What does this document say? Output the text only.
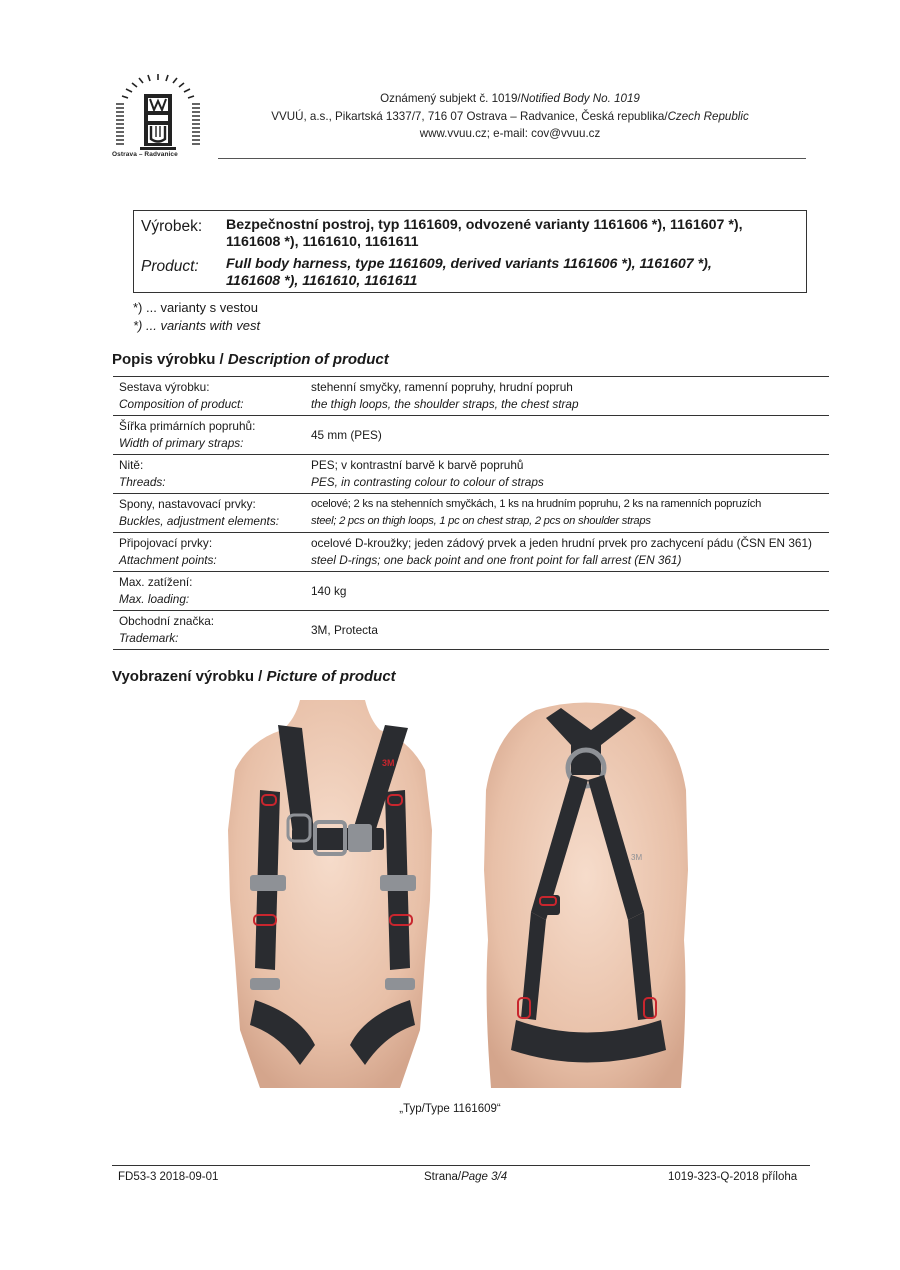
Ostrava – Radvanice
Oznámený subjekt č. 1019/Notified Body No. 1019
VVUÚ, a.s., Pikartská 1337/7, 716 07 Ostrava – Radvanice, Česká republika/Czech Republic
www.vvuu.cz; e-mail: cov@vvuu.cz
Výrobek: Bezpečnostní postroj, typ 1161609, odvozené varianty 1161606 *), 1161607 *),
1161608 *), 1161610, 1161611
Product: Full body harness, type 1161609, derived variants 1161606 *), 1161607 *),
1161608 *), 1161610, 1161611
*) ... varianty s vestou
*) ... variants with vest
Popis výrobku / Description of product
Sestava výrobku:
Composition of product:	stehenní smyčky, ramenní popruhy, hrudní popruh
the thigh loops, the shoulder straps, the chest strap

Šířka primárních popruhů:
Width of primary straps:	45 mm (PES)

Nitě:
Threads:	PES; v kontrastní barvě k barvě popruhů
PES, in contrasting colour to colour of straps

Spony, nastavovací prvky:
Buckles, adjustment elements:	ocelové; 2 ks na stehenních smyčkách, 1 ks na hrudním popruhu, 2 ks na ramenních popruzích
steel; 2 pcs on thigh loops, 1 pc on chest strap, 2 pcs on shoulder straps

Připojovací prvky:
Attachment points:	ocelové D-kroužky; jeden zádový prvek a jeden hrudní prvek pro zachycení pádu (ČSN EN 361)
steel D-rings; one back point and one front point for fall arrest (EN 361)

Max. zatížení:
Max. loading:	140 kg

Obchodní značka:
Trademark:	3M, Protecta
Vyobrazení výrobku / Picture of product
3M
3M
„Typ/Type 1161609“
FD53-3 2018-09-01	Strana/Page 3/4	1019-323-Q-2018 příloha
